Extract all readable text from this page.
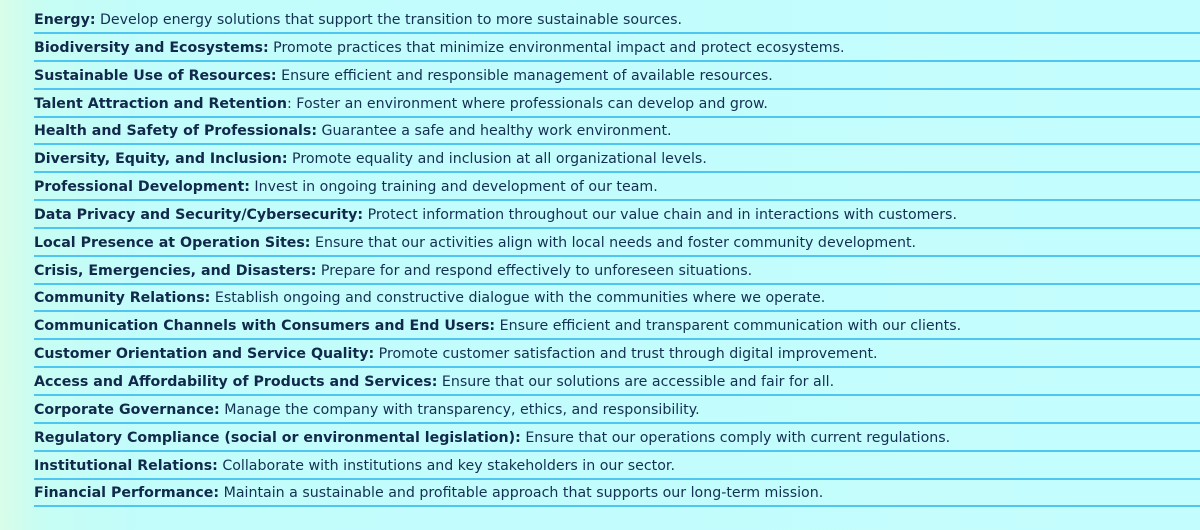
Energy: Develop energy solutions that support the transition to more sustainable sources.
Biodiversity and Ecosystems: Promote practices that minimize environmental impact and protect ecosystems.
Sustainable Use of Resources: Ensure efficient and responsible management of available resources.
Talent Attraction and Retention: Foster an environment where professionals can develop and grow.
Health and Safety of Professionals: Guarantee a safe and healthy work environment.
Diversity, Equity, and Inclusion: Promote equality and inclusion at all organizational levels.
Professional Development: Invest in ongoing training and development of our team.
Data Privacy and Security/Cybersecurity: Protect information throughout our value chain and in interactions with customers.
Local Presence at Operation Sites: Ensure that our activities align with local needs and foster community development.
Crisis, Emergencies, and Disasters: Prepare for and respond effectively to unforeseen situations.
Community Relations: Establish ongoing and constructive dialogue with the communities where we operate.
Communication Channels with Consumers and End Users: Ensure efficient and transparent communication with our clients.
Customer Orientation and Service Quality: Promote customer satisfaction and trust through digital improvement.
Access and Affordability of Products and Services: Ensure that our solutions are accessible and fair for all.
Corporate Governance: Manage the company with transparency, ethics, and responsibility.
Regulatory Compliance (social or environmental legislation): Ensure that our operations comply with current regulations.
Institutional Relations: Collaborate with institutions and key stakeholders in our sector.
Financial Performance: Maintain a sustainable and profitable approach that supports our long-term mission.
